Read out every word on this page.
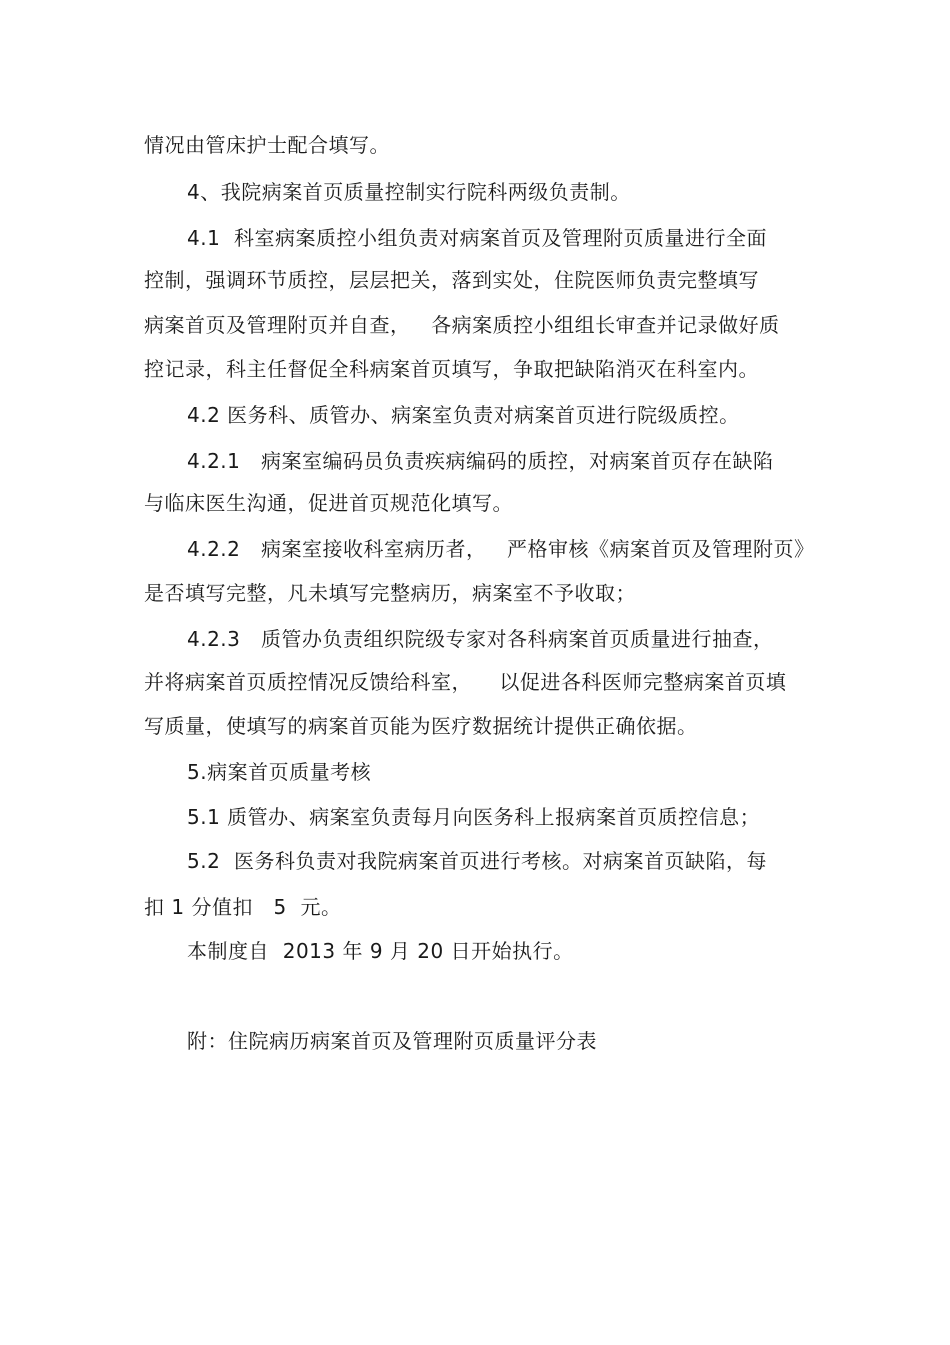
情况由管床护士配合填写。
4、我院病案首页质量控制实行院科两级负责制。
4.1  科室病案质控小组负责对病案首页及管理附页质量进行全面
控制，强调环节质控，层层把关，落到实处，住院医师负责完整填写
病案首页及管理附页并自查，   各病案质控小组组长审查并记录做好质
控记录，科主任督促全科病案首页填写，争取把缺陷消灭在科室内。
4.2 医务科、质管办、病案室负责对病案首页进行院级质控。
4.2.1   病案室编码员负责疾病编码的质控，对病案首页存在缺陷
与临床医生沟通，促进首页规范化填写。
4.2.2   病案室接收科室病历者，   严格审核《病案首页及管理附页》
是否填写完整，凡未填写完整病历，病案室不予收取；
4.2.3   质管办负责组织院级专家对各科病案首页质量进行抽查，
并将病案首页质控情况反馈给科室，    以促进各科医师完整病案首页填
写质量，使填写的病案首页能为医疗数据统计提供正确依据。
5.病案首页质量考核
5.1 质管办、病案室负责每月向医务科上报病案首页质控信息；
5.2  医务科负责对我院病案首页进行考核。对病案首页缺陷，每
扣 1 分值扣   5  元。
本制度自  2013 年 9 月 20 日开始执行。
附：住院病历病案首页及管理附页质量评分表
